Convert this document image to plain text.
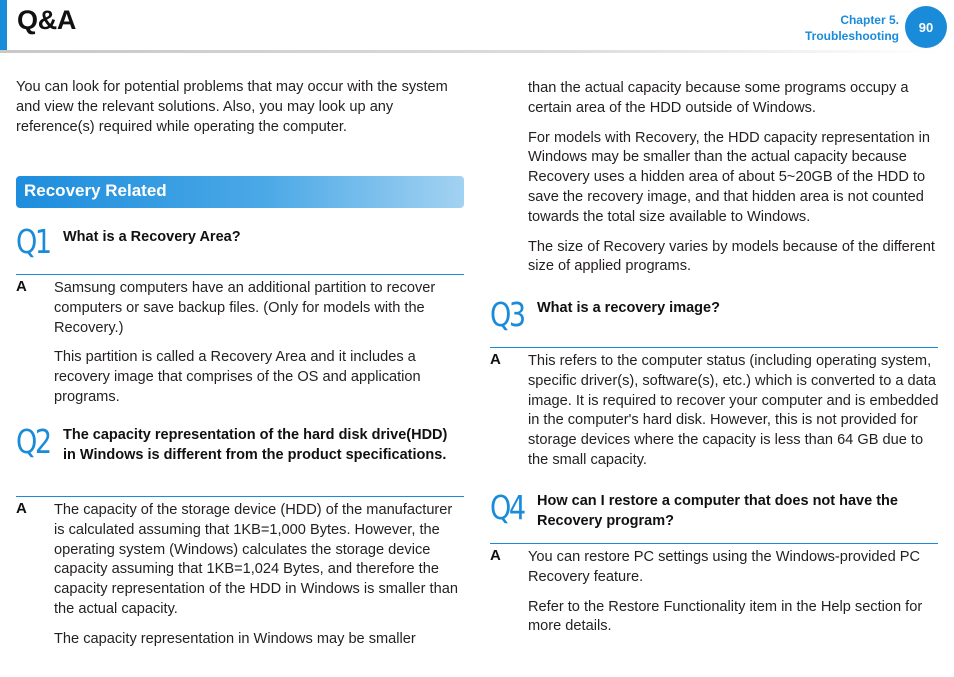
Q&A	Chapter 5.
Troubleshooting
90

You can look for potential problems that may occur with the system and view the relevant solutions. Also, you may look up any reference(s) required while operating the computer.

Recovery Related
Q1 What is a Recovery Area?
A Samsung computers have an additional partition to recover computers or save backup files. (Only for models with the Recovery.)

This partition is called a Recovery Area and it includes a recovery image that comprises of the OS and application programs.

Q2 The capacity representation of the hard disk drive(HDD) in Windows is different from the product specifications.
A The capacity of the storage device (HDD) of the manufacturer is calculated assuming that 1KB=1,000 Bytes. However, the operating system (Windows) calculates the storage device capacity assuming that 1KB=1,024 Bytes, and therefore the capacity representation of the HDD in Windows is smaller than the actual capacity.

The capacity representation in Windows may be smaller

than the actual capacity because some programs occupy a certain area of the HDD outside of Windows.

For models with Recovery, the HDD capacity representation in Windows may be smaller than the actual capacity because Recovery uses a hidden area of about 5~20GB of the HDD to save the recovery image, and that hidden area is not counted towards the total size available to Windows.

The size of Recovery varies by models because of the different size of applied programs.

Q3 What is a recovery image?
A This refers to the computer status (including operating system, specific driver(s), software(s), etc.) which is converted to a data image. It is required to recover your computer and is embedded in the computer's hard disk. However, this is not provided for storage devices where the capacity is less than 64 GB due to the small capacity.

Q4 How can I restore a computer that does not have the Recovery program?
A You can restore PC settings using the Windows-provided PC Recovery feature.

Refer to the Restore Functionality item in the Help section for more details.
